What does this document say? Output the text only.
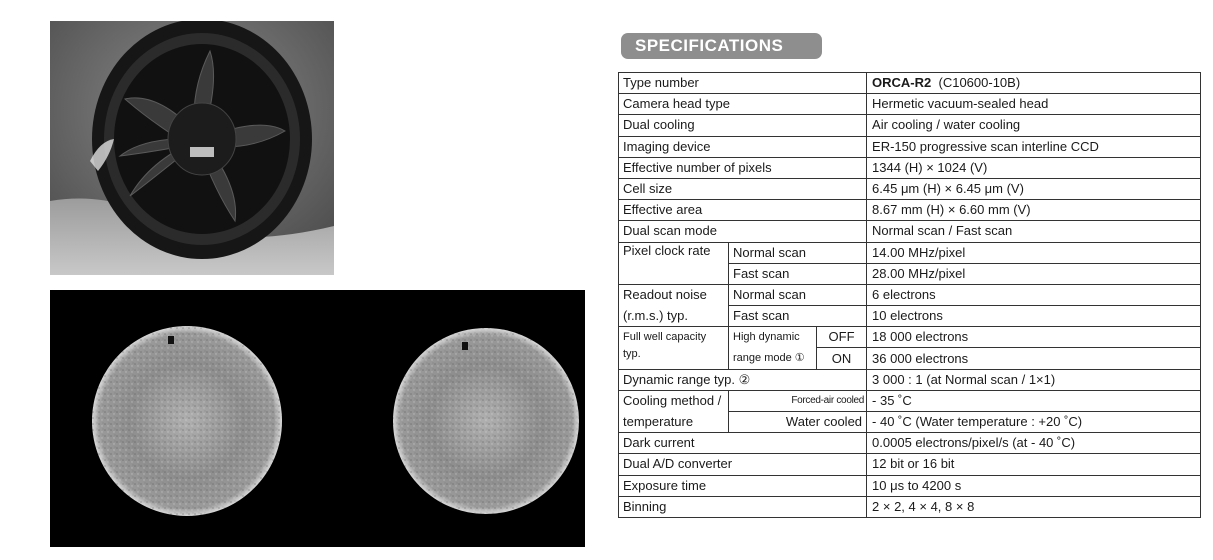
SPECIFICATIONS
Type number			ORCA-R2 (C10600-10B)
Camera head type			Hermetic vacuum-sealed head
Dual cooling			Air cooling / water cooling
Imaging device			ER-150 progressive scan interline CCD
Effective number of pixels			1344 (H) × 1024 (V)
Cell size			6.45 μm (H) × 6.45 μm (V)
Effective area			8.67 mm (H) × 6.60 mm (V)
Dual scan mode			Normal scan / Fast scan
Pixel clock rate	Normal scan		14.00 MHz/pixel
	Fast scan		28.00 MHz/pixel
Readout noise	Normal scan		6 electrons
(r.m.s.) typ.	Fast scan		10 electrons
Full well capacity	High dynamic	OFF	18 000 electrons
typ.	range mode ①	ON	36 000 electrons
Dynamic range typ. ②			3 000 : 1 (at Normal scan / 1×1)
Cooling method /	Forced-air cooled		- 35 ˚C
temperature	Water cooled		- 40 ˚C (Water temperature : +20 ˚C)
Dark current			0.0005 electrons/pixel/s (at - 40 ˚C)
Dual A/D converter			12 bit or 16 bit
Exposure time			10 μs to 4200 s
Binning			2 × 2, 4 × 4, 8 × 8
